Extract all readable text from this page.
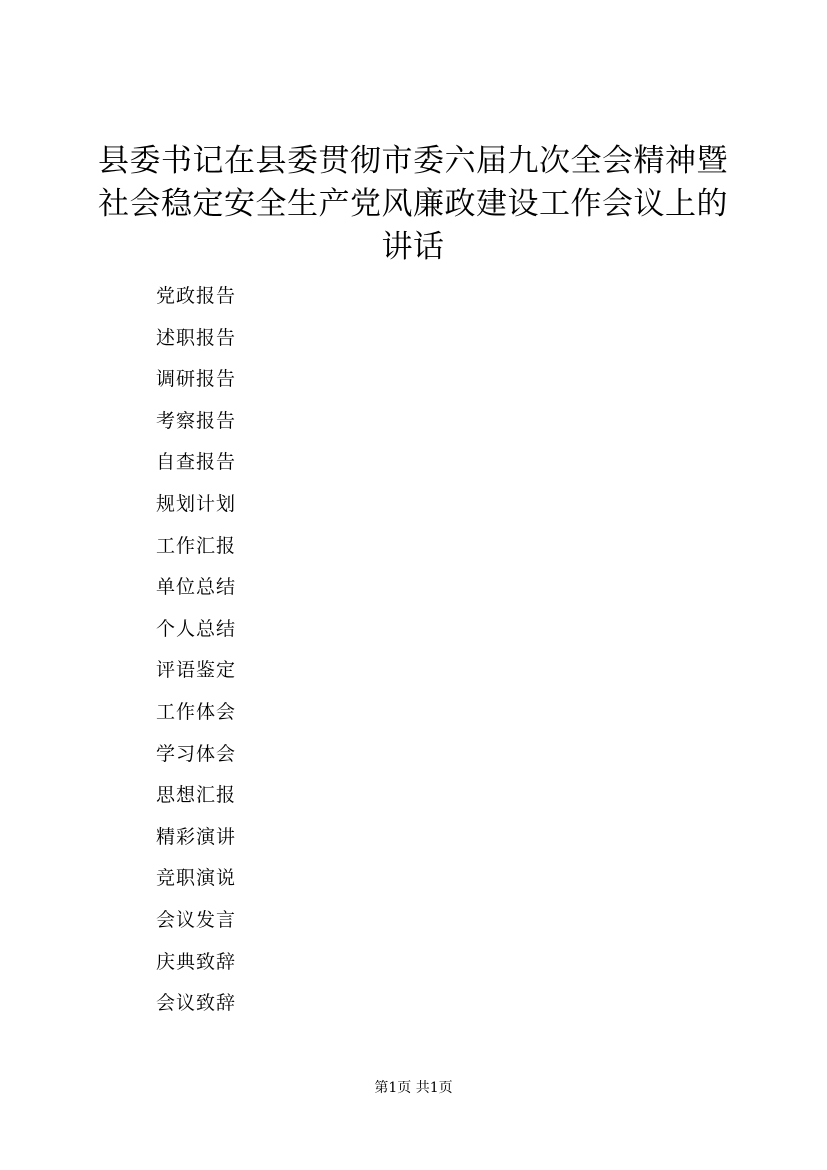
县委书记在县委贯彻市委六届九次全会精神暨
社会稳定安全生产党风廉政建设工作会议上的
讲话
党政报告
述职报告
调研报告
考察报告
自查报告
规划计划
工作汇报
单位总结
个人总结
评语鉴定
工作体会
学习体会
思想汇报
精彩演讲
竞职演说
会议发言
庆典致辞
会议致辞
第1页 共1页
